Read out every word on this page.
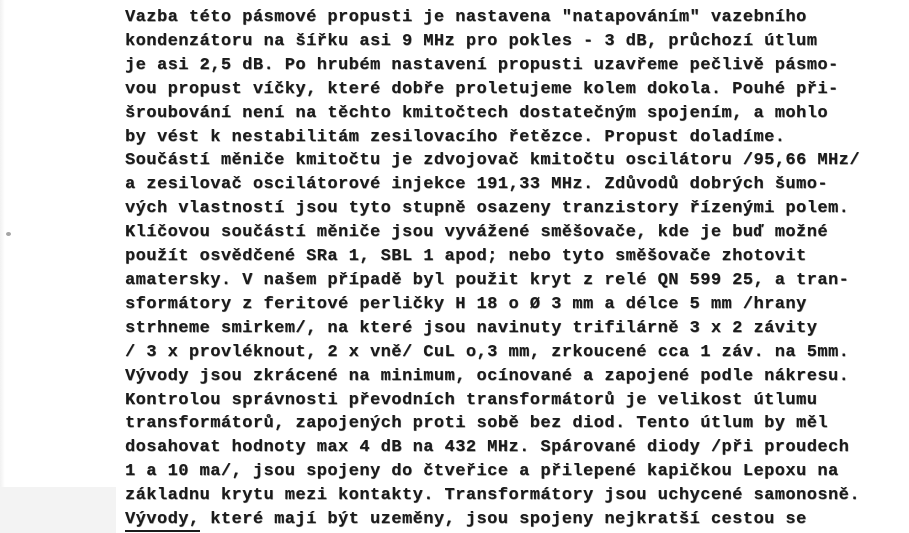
Vazba této pásmové propusti je nastavena "natapováním" vazebního
kondenzátoru na šířku asi 9 MHz pro pokles - 3 dB, průchozí útlum
je asi 2,5 dB. Po hrubém nastavení propusti uzavřeme pečlivě pásmo-
vou propust víčky, které dobře proletujeme kolem dokola. Pouhé při-
šroubování není na těchto kmitočtech dostatečným spojením, a mohlo
by vést k nestabilitám zesilovacího řetězce. Propust doladíme.
Součástí měniče kmitočtu je zdvojovač kmitočtu oscilátoru /95,66 MHz/
a zesilovač oscilátorové injekce 191,33 MHz. Zdůvodů dobrých šumo-
vých vlastností jsou tyto stupně osazeny tranzistory řízenými polem.
Klíčovou součástí měniče jsou vyvážené směšovače, kde je buď možné
použít osvědčené SRa 1, SBL 1 apod; nebo tyto směšovače zhotovit
amatersky. V našem případě byl použit kryt z relé QN 599 25, a tran-
sformátory z feritové perličky H 18 o Ø 3 mm a délce 5 mm /hrany
strhneme smirkem/, na které jsou navinuty trifilárně 3 x 2 závity
/ 3 x provléknout, 2 x vně/ CuL o,3 mm, zrkoucené cca 1 záv. na 5mm.
Vývody jsou zkrácené na minimum, ocínované a zapojené podle nákresu.
Kontrolou správnosti převodních transformátorů je velikost útlumu
transformátorů, zapojených proti sobě bez diod. Tento útlum by měl
dosahovat hodnoty max 4 dB na 432 MHz. Spárované diody /při proudech
1 a 10 ma/, jsou spojeny do čtveřice a přilepené kapičkou Lepoxu na
základnu krytu mezi kontakty. Transformátory jsou uchycené samonosně.
Vývody, které mají být uzeměny, jsou spojeny nejkratší cestou se
